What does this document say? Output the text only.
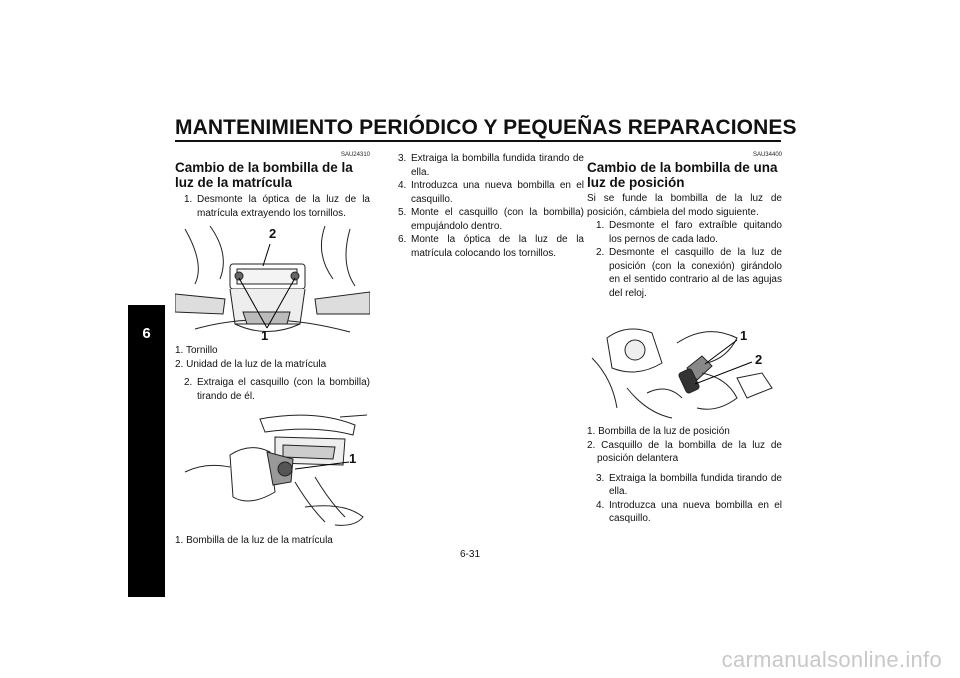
MANTENIMIENTO PERIÓDICO Y PEQUEÑAS REPARACIONES
6
SAU24310
Cambio de la bombilla de la luz de la matrícula
1. Desmonte la óptica de la luz de la matrícula extrayendo los tornillos.
2
1
1. Tornillo
2. Unidad de la luz de la matrícula
2. Extraiga el casquillo (con la bombilla) tirando de él.
1
1. Bombilla de la luz de la matrícula
3. Extraiga la bombilla fundida tirando de ella.
4. Introduzca una nueva bombilla en el casquillo.
5. Monte el casquillo (con la bombilla) empujándolo dentro.
6. Monte la óptica de la luz de la matrícula colocando los tornillos.
SAU34400
Cambio de la bombilla de una luz de posición

Si se funde la bombilla de la luz de posición, cámbiela del modo siguiente.

1. Desmonte el faro extraíble quitando los pernos de cada lado.
2. Desmonte el casquillo de la luz de posición (con la conexión) girándolo en el sentido contrario al de las agujas del reloj.
1
2
1. Bombilla de la luz de posición
2. Casquillo de la bombilla de la luz de posición delantera
3. Extraiga la bombilla fundida tirando de ella.
4. Introduzca una nueva bombilla en el casquillo.
6-31
carmanualsonline.info
